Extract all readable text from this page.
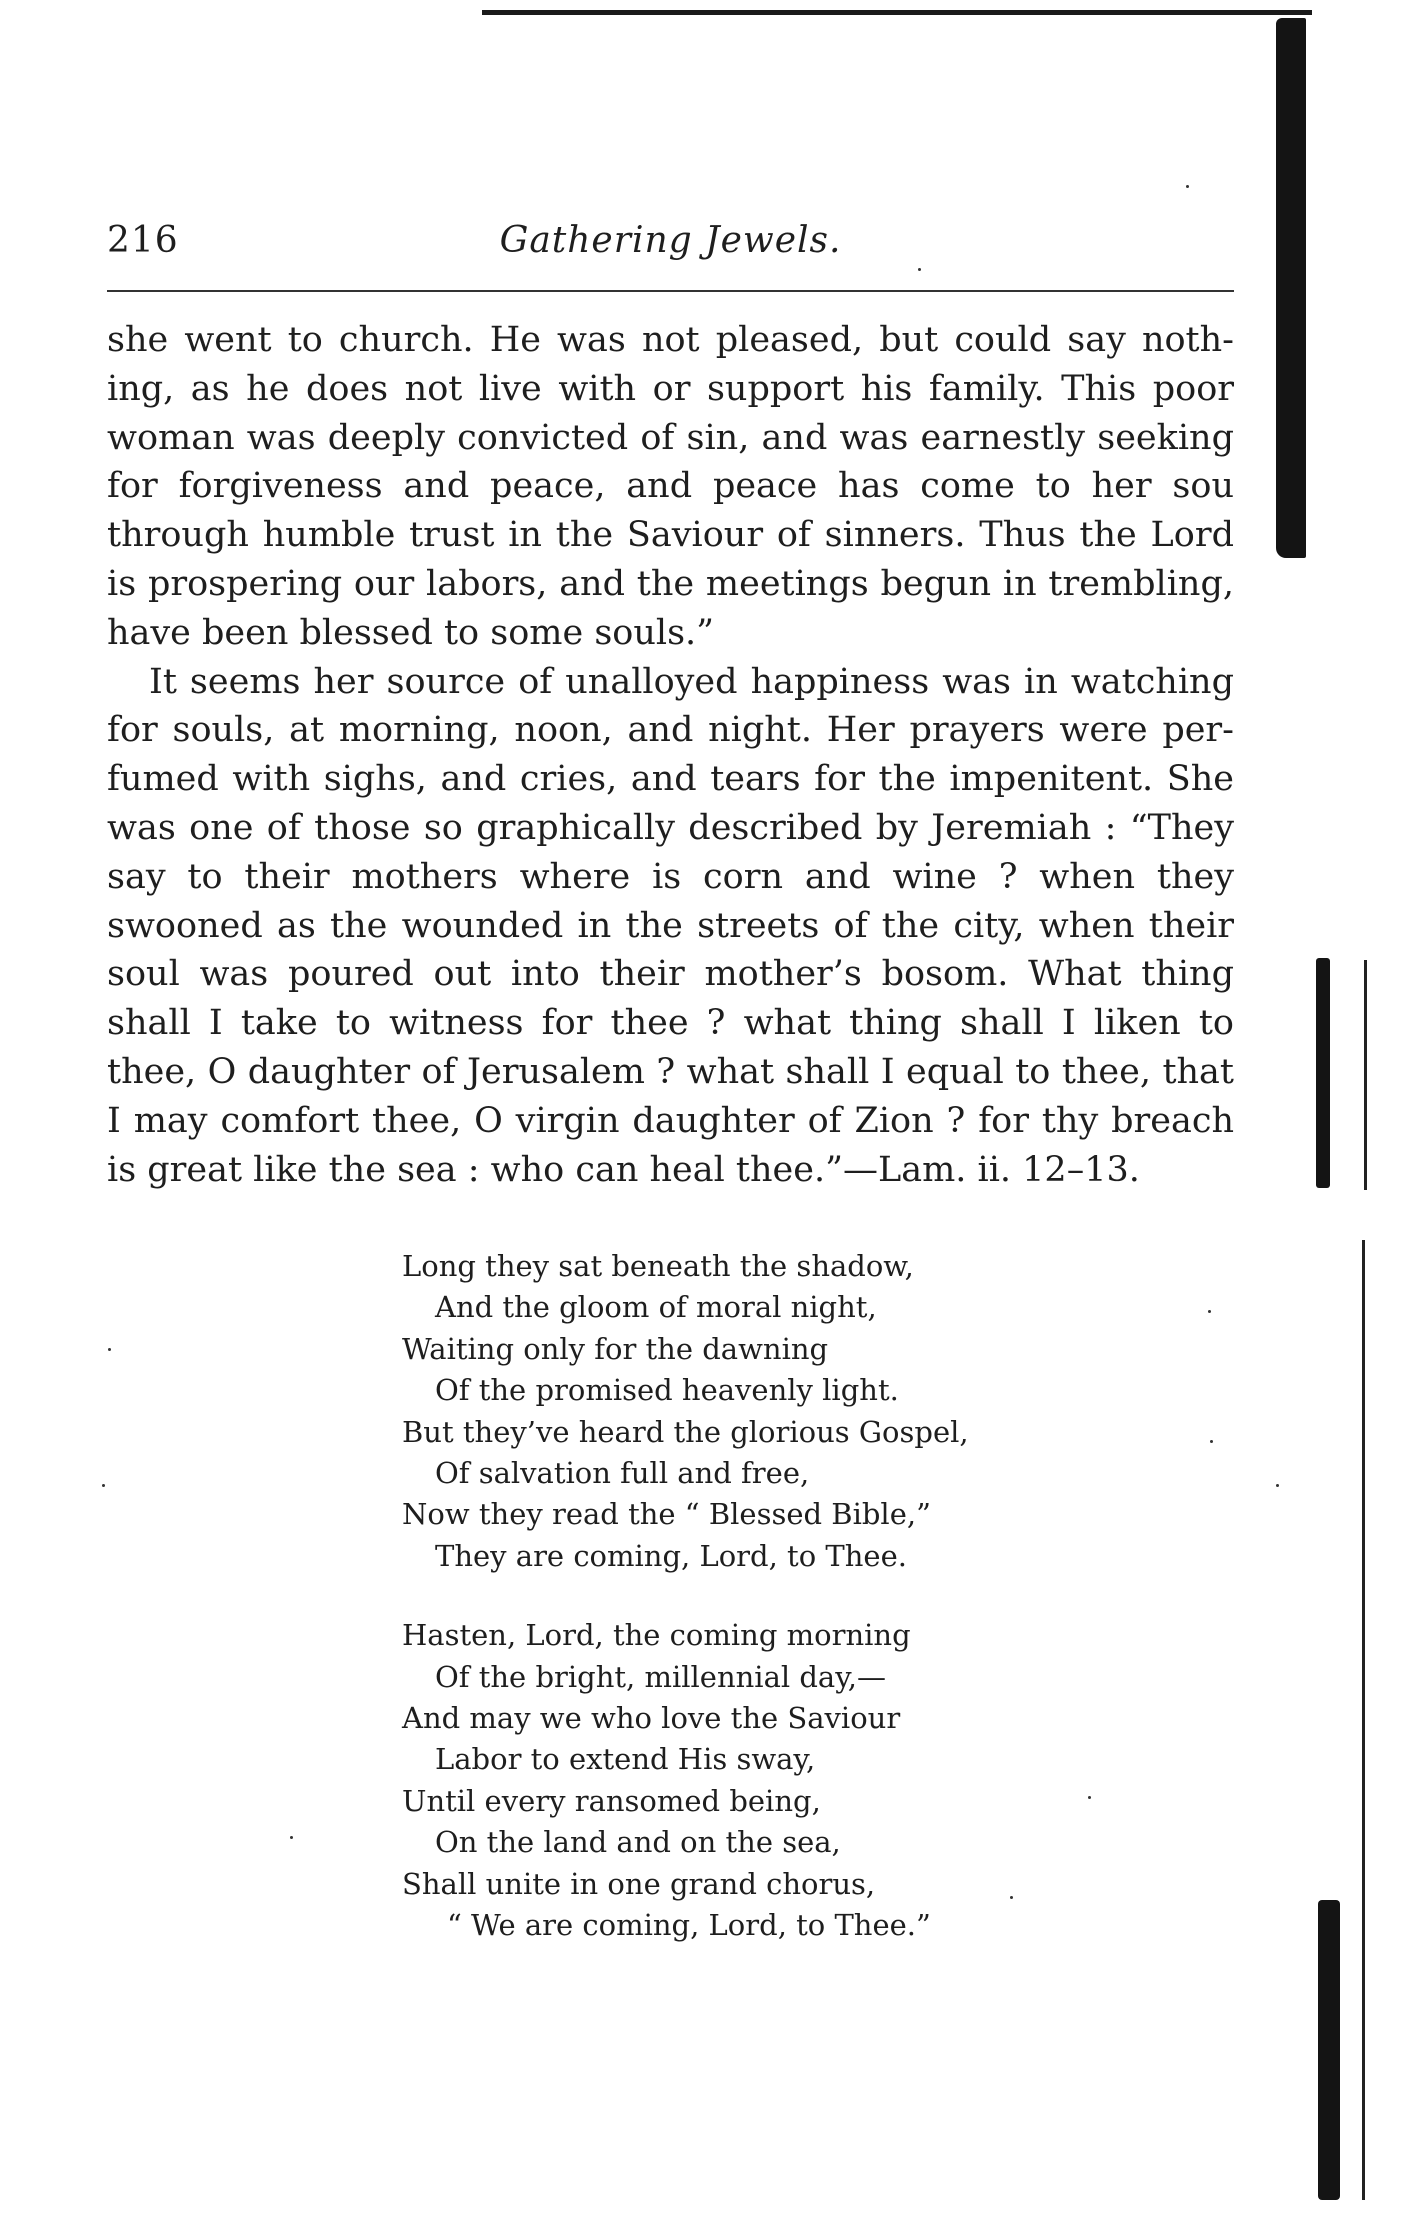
216	Gathering Jewels.

she went to church. He was not pleased, but could say noth-ing, as he does not live with or support his family. This poor woman was deeply convicted of sin, and was earnestly seeking for forgiveness and peace, and peace has come to her sou through humble trust in the Saviour of sinners. Thus the Lord is prospering our labors, and the meetings begun in trembling, have been blessed to some souls.”

It seems her source of unalloyed happiness was in watching for souls, at morning, noon, and night. Her prayers were per-fumed with sighs, and cries, and tears for the impenitent. She was one of those so graphically described by Jeremiah : “They say to their mothers where is corn and wine ? when they swooned as the wounded in the streets of the city, when their soul was poured out into their mother’s bosom. What thing shall I take to witness for thee ? what thing shall I liken to thee, O daughter of Jerusalem ? what shall I equal to thee, that I may comfort thee, O virgin daughter of Zion ? for thy breach is great like the sea : who can heal thee.”—Lam. ii. 12–13.

Long they sat beneath the shadow,
And the gloom of moral night,
Waiting only for the dawning
Of the promised heavenly light.
But they’ve heard the glorious Gospel,
Of salvation full and free,
Now they read the “ Blessed Bible,”
They are coming, Lord, to Thee.
Hasten, Lord, the coming morning
Of the bright, millennial day,—
And may we who love the Saviour
Labor to extend His sway,
Until every ransomed being,
On the land and on the sea,
Shall unite in one grand chorus,
“ We are coming, Lord, to Thee.”
